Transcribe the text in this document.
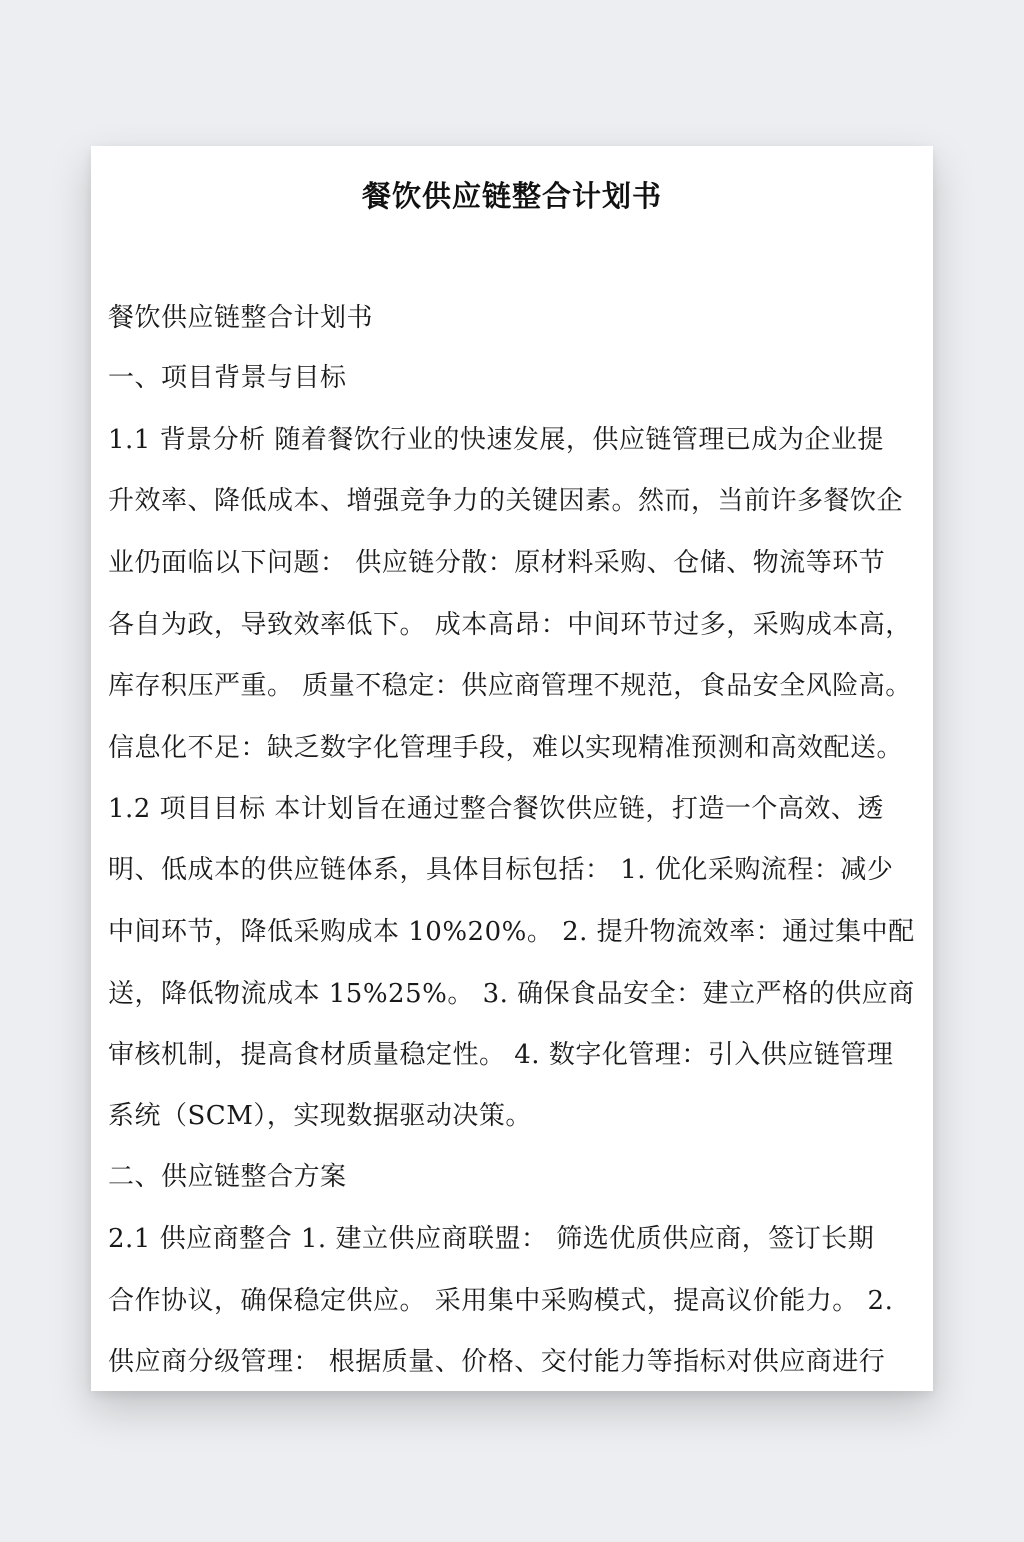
餐饮供应链整合计划书
餐饮供应链整合计划书
一、项目背景与目标
1.1 背景分析 随着餐饮行业的快速发展，供应链管理已成为企业提
升效率、降低成本、增强竞争力的关键因素。然而，当前许多餐饮企
业仍面临以下问题： 供应链分散：原材料采购、仓储、物流等环节
各自为政，导致效率低下。 成本高昂：中间环节过多，采购成本高，
库存积压严重。 质量不稳定：供应商管理不规范，食品安全风险高。
信息化不足：缺乏数字化管理手段，难以实现精准预测和高效配送。
1.2 项目目标 本计划旨在通过整合餐饮供应链，打造一个高效、透
明、低成本的供应链体系，具体目标包括： 1. 优化采购流程：减少
中间环节，降低采购成本 10%20%。 2. 提升物流效率：通过集中配
送，降低物流成本 15%25%。 3. 确保食品安全：建立严格的供应商
审核机制，提高食材质量稳定性。 4. 数字化管理：引入供应链管理
系统（SCM），实现数据驱动决策。
二、供应链整合方案
2.1 供应商整合 1. 建立供应商联盟： 筛选优质供应商，签订长期
合作协议，确保稳定供应。 采用集中采购模式，提高议价能力。 2.
供应商分级管理： 根据质量、价格、交付能力等指标对供应商进行
